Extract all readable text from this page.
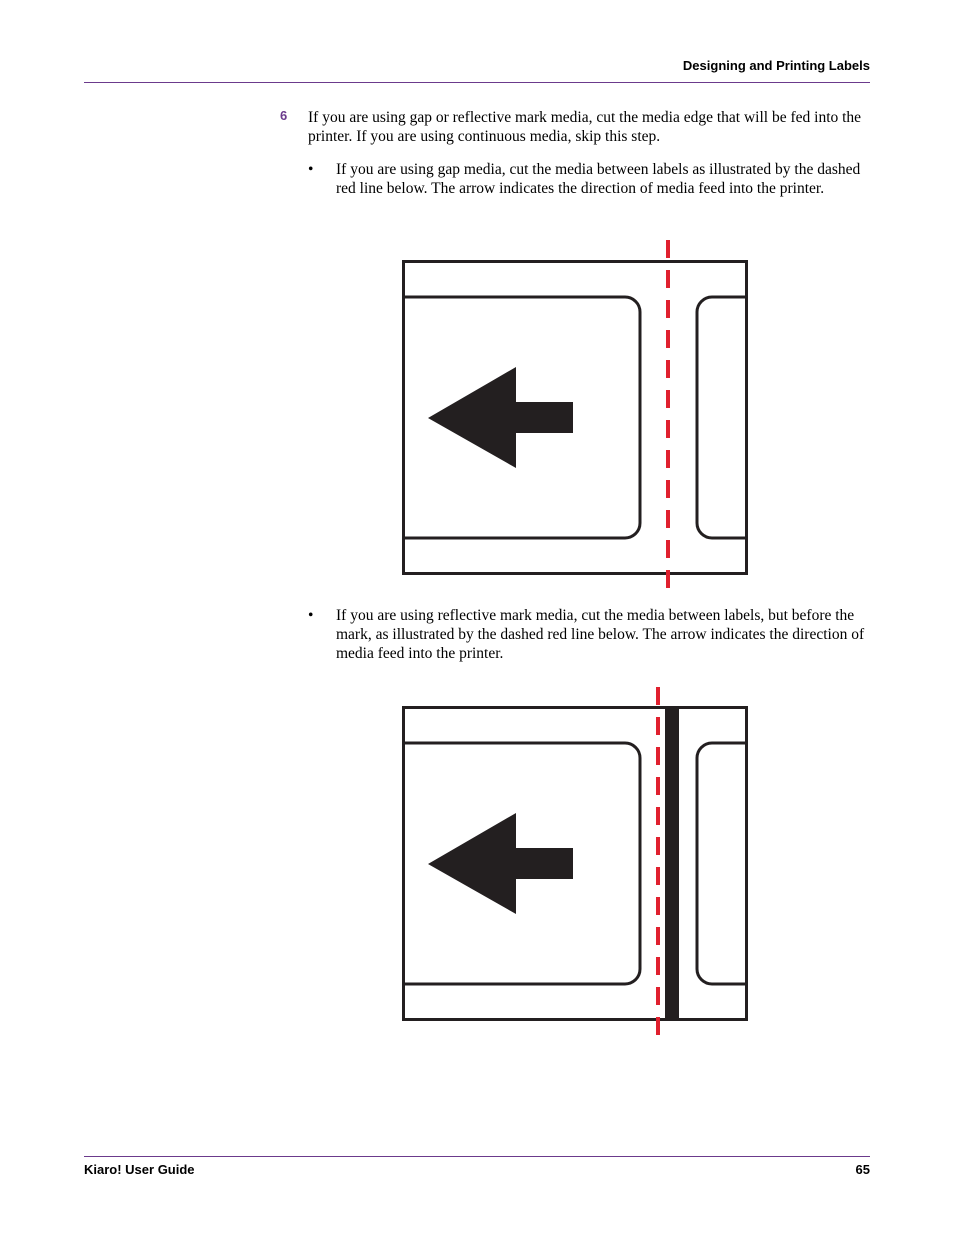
Designing and Printing Labels
6 If you are using gap or reflective mark media, cut the media edge that will be fed into the printer. If you are using continuous media, skip this step.
• If you are using gap media, cut the media between labels as illustrated by the dashed red line below. The arrow indicates the direction of media feed into the printer.
• If you are using reflective mark media, cut the media between labels, but before the mark, as illustrated by the dashed red line below. The arrow indicates the direction of media feed into the printer.
Kiaro! User Guide	65
